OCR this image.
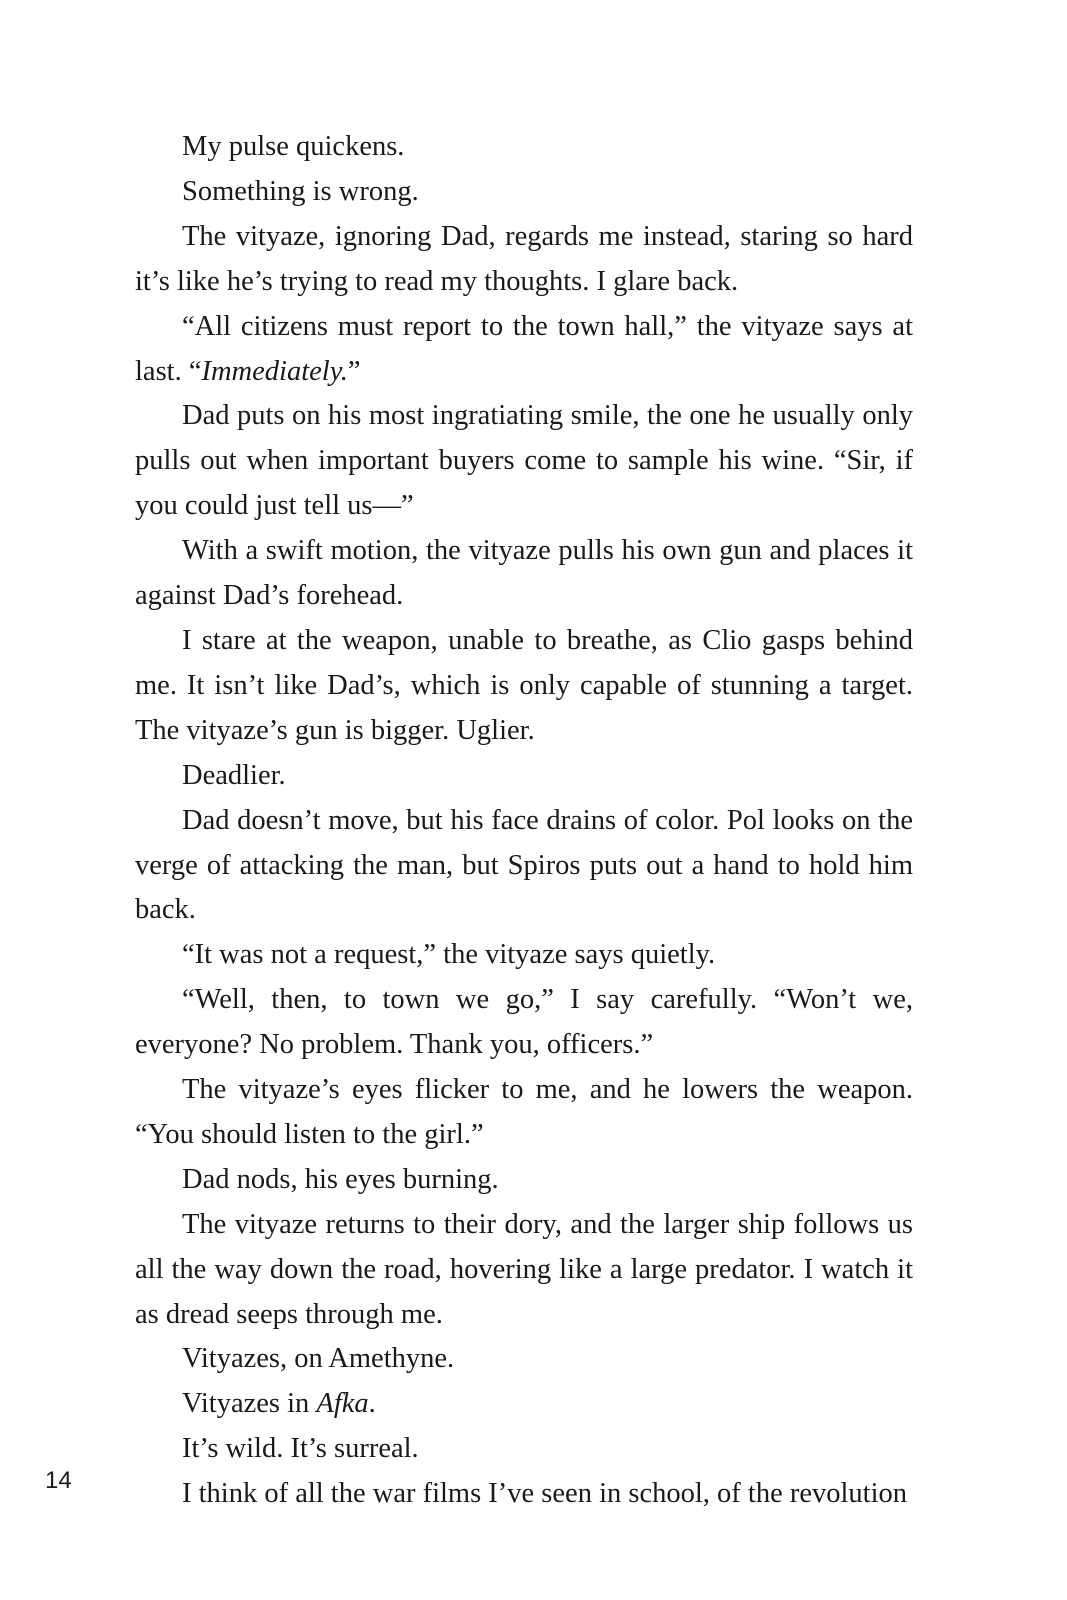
My pulse quickens.

Something is wrong.

The vityaze, ignoring Dad, regards me instead, staring so hard it’s like he’s trying to read my thoughts. I glare back.

“All citizens must report to the town hall,” the vityaze says at last. “Immediately.”

Dad puts on his most ingratiating smile, the one he usually only pulls out when important buyers come to sample his wine. “Sir, if you could just tell us—”

With a swift motion, the vityaze pulls his own gun and places it against Dad’s forehead.

I stare at the weapon, unable to breathe, as Clio gasps behind me. It isn’t like Dad’s, which is only capable of stunning a target. The vityaze’s gun is bigger. Uglier.

Deadlier.

Dad doesn’t move, but his face drains of color. Pol looks on the verge of attacking the man, but Spiros puts out a hand to hold him back.

“It was not a request,” the vityaze says quietly.

“Well, then, to town we go,” I say carefully. “Won’t we, everyone? No problem. Thank you, officers.”

The vityaze’s eyes flicker to me, and he lowers the weapon. “You should listen to the girl.”

Dad nods, his eyes burning.

The vityaze returns to their dory, and the larger ship follows us all the way down the road, hovering like a large predator. I watch it as dread seeps through me.

Vityazes, on Amethyne.

Vityazes in Afka.

It’s wild. It’s surreal.

I think of all the war films I’ve seen in school, of the revolution

14
